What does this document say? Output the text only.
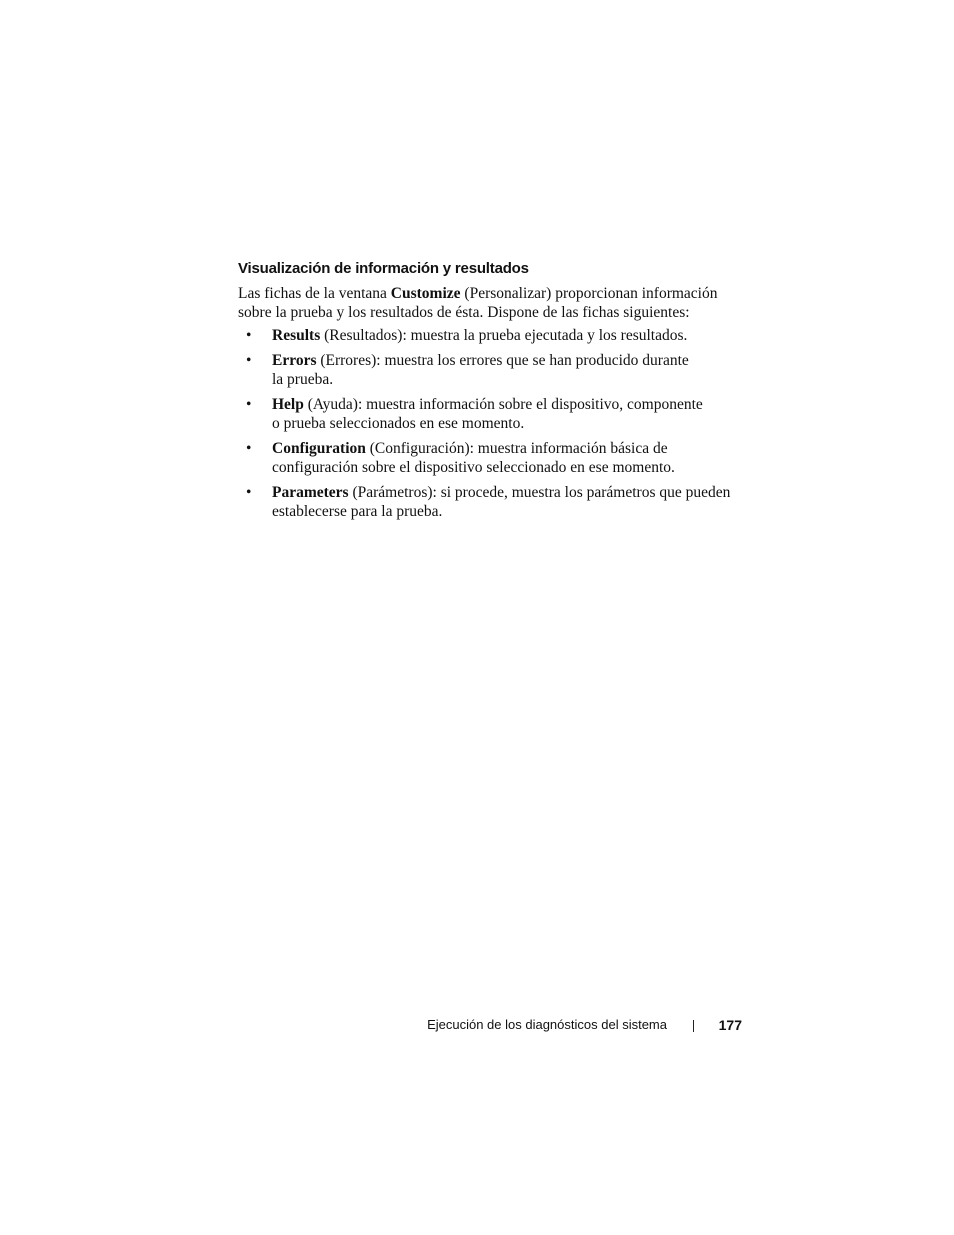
Visualización de información y resultados

Las fichas de la ventana Customize (Personalizar) proporcionan información sobre la prueba y los resultados de ésta. Dispone de las fichas siguientes:

• Results (Resultados): muestra la prueba ejecutada y los resultados.
• Errors (Errores): muestra los errores que se han producido durante
la prueba.
• Help (Ayuda): muestra información sobre el dispositivo, componente
o prueba seleccionados en ese momento.
• Configuration (Configuración): muestra información básica de
configuración sobre el dispositivo seleccionado en ese momento.
• Parameters (Parámetros): si procede, muestra los parámetros que pueden
establecerse para la prueba.
Ejecución de los diagnósticos del sistema	177
